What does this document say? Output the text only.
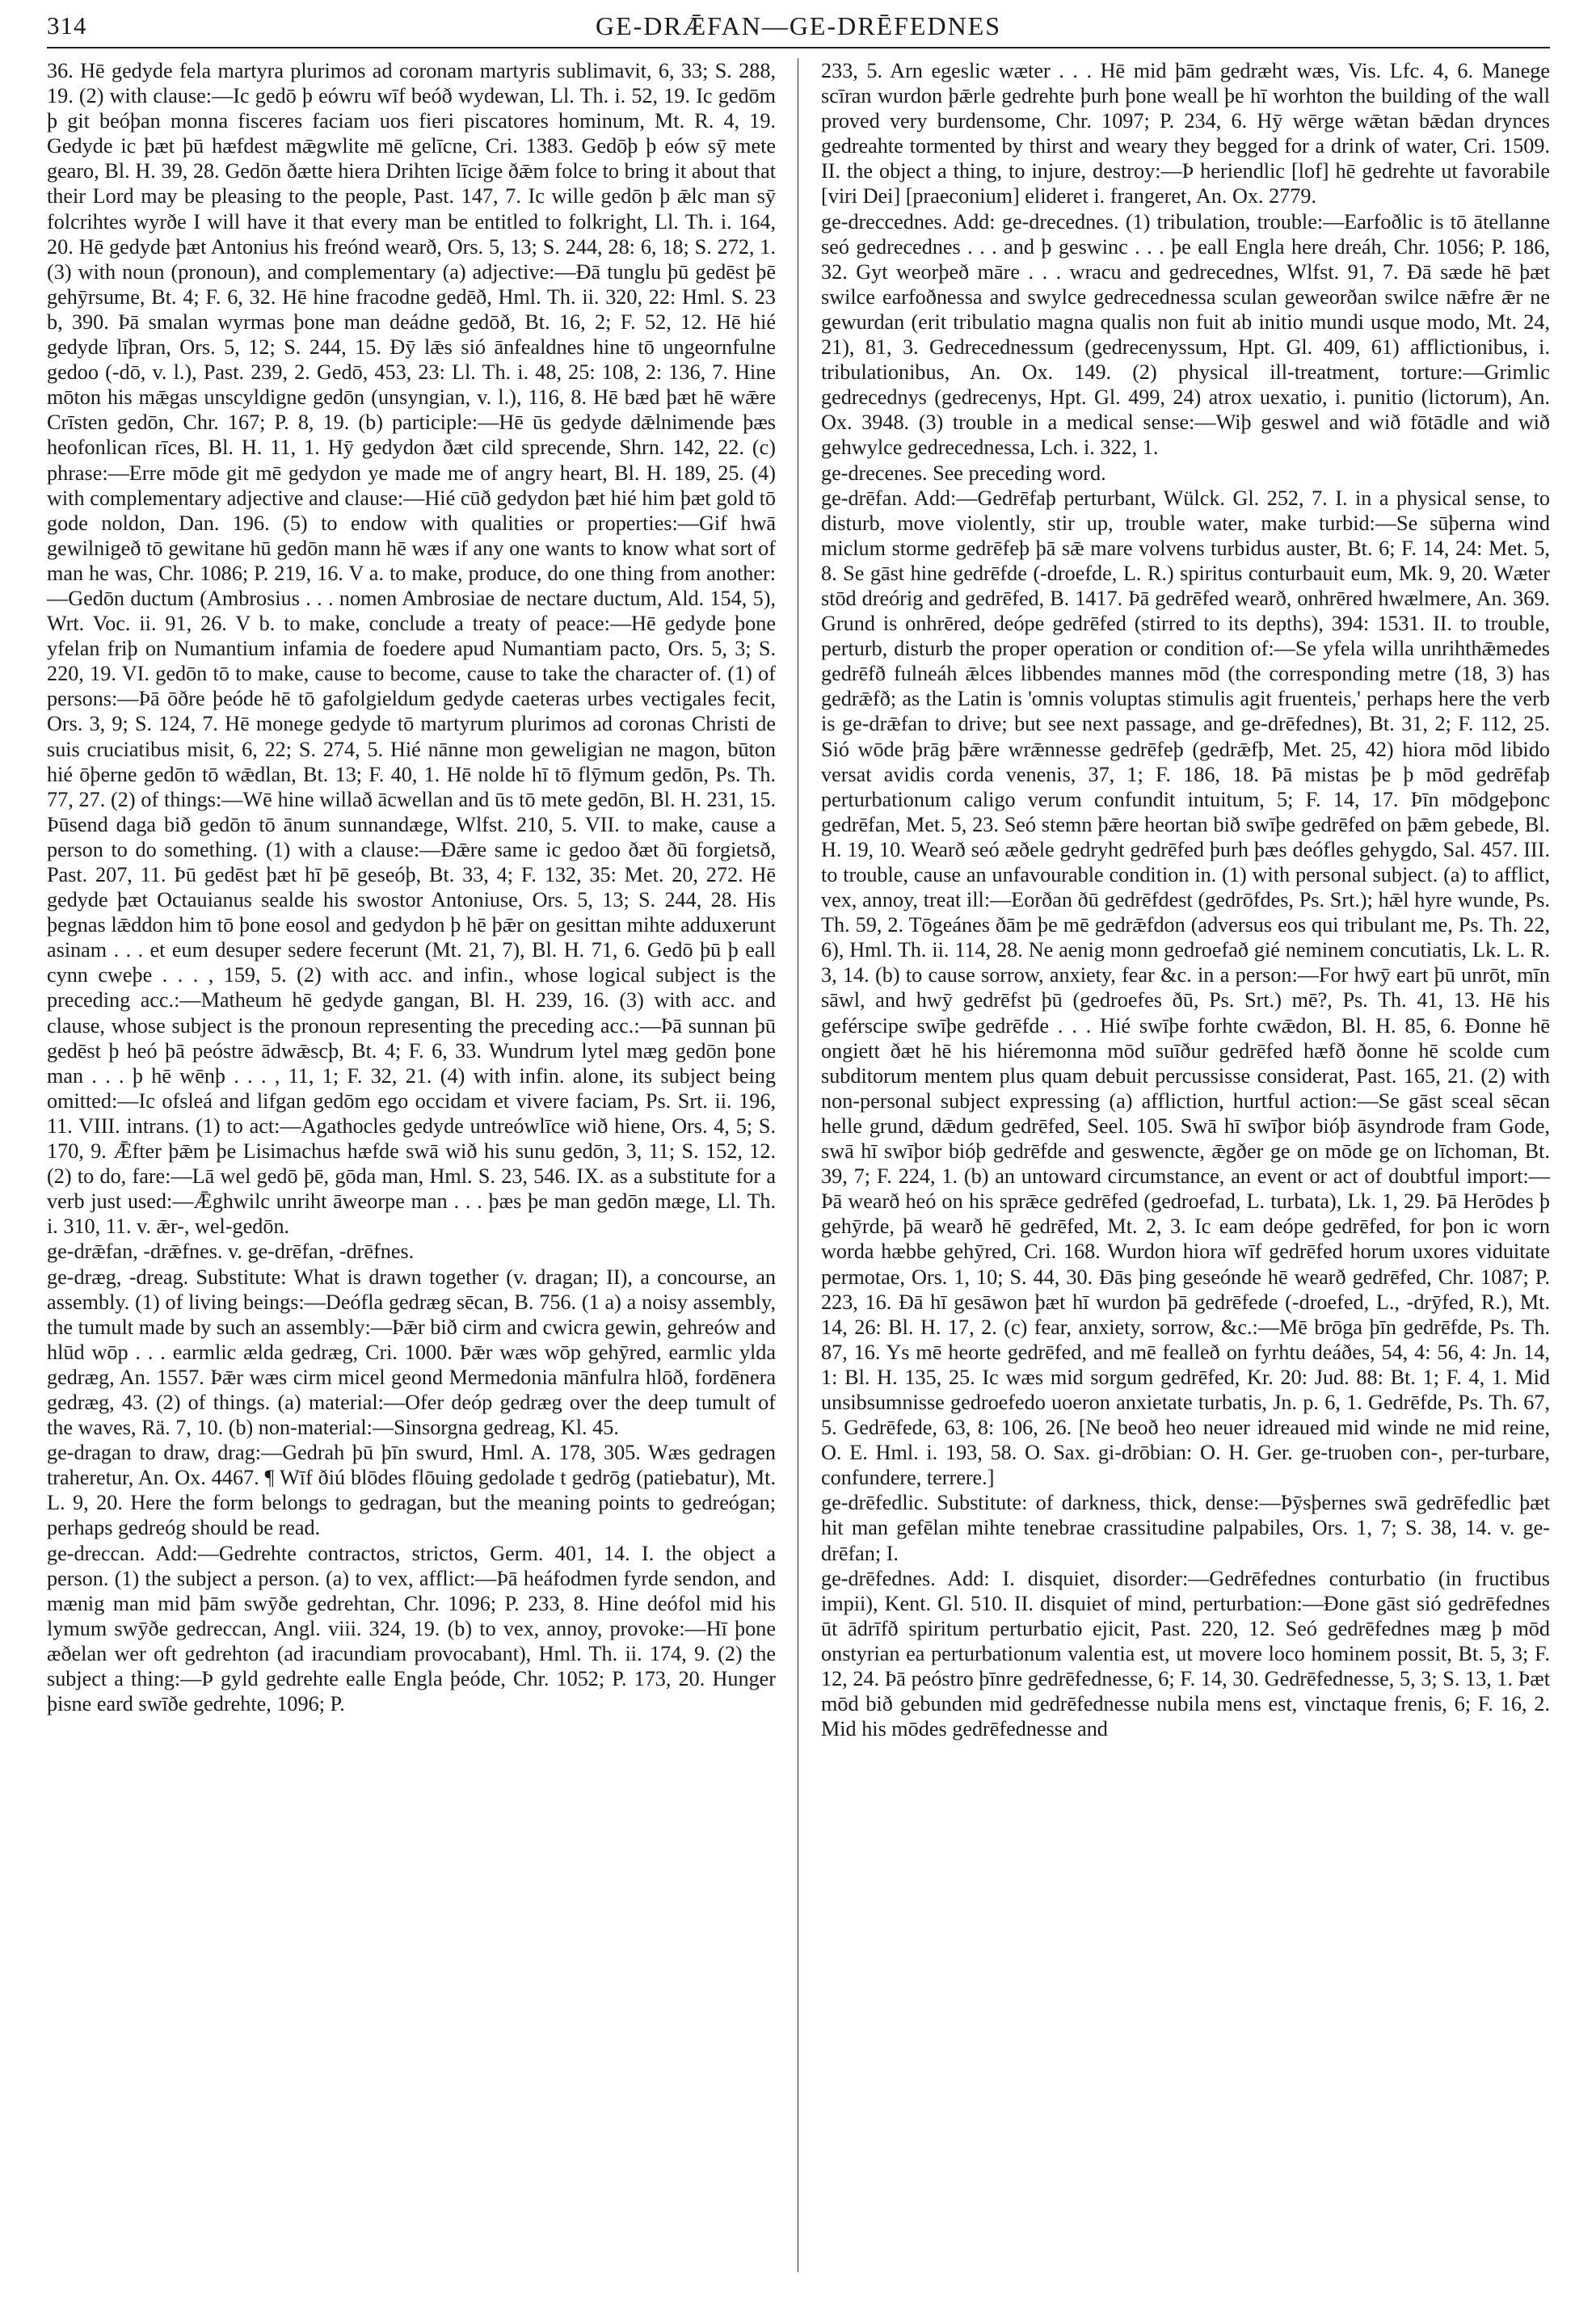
314	GE-DRǢFAN—GE-DRĒFEDNES

36. Hē gedyde fela martyra plurimos ad coronam martyris sublimavit, 6, 33; S. 288, 19. (2) with clause:—Ic gedō þ eówru wīf beóð wydewan, Ll. Th. i. 52, 19. Ic gedōm þ git beóþan monna fisceres faciam uos fieri piscatores hominum, Mt. R. 4, 19. Gedyde ic þæt þū hæfdest mǣgwlite mē gelīcne, Cri. 1383. Gedōþ þ eów sȳ mete gearo, Bl. H. 39, 28. Gedōn ðætte hiera Drihten līcige ðǣm folce to bring it about that their Lord may be pleasing to the people, Past. 147, 7. Ic wille gedōn þ ǣlc man sȳ folcrihtes wyrðe I will have it that every man be entitled to folkright, Ll. Th. i. 164, 20. Hē gedyde þæt Antonius his freónd wearð, Ors. 5, 13; S. 244, 28: 6, 18; S. 272, 1. (3) with noun (pronoun), and complementary (a) adjective:—Ðā tunglu þū gedēst þē gehȳrsume, Bt. 4; F. 6, 32. Hē hine fracodne gedēð, Hml. Th. ii. 320, 22: Hml. S. 23 b, 390. Þā smalan wyrmas þone man deádne gedōð, Bt. 16, 2; F. 52, 12. Hē hié gedyde līþran, Ors. 5, 12; S. 244, 15. Ðȳ lǣs sió ānfealdnes hine tō ungeornfulne gedoo (-dō, v. l.), Past. 239, 2. Gedō, 453, 23: Ll. Th. i. 48, 25: 108, 2: 136, 7. Hine mōton his mǣgas unscyldigne gedōn (unsyngian, v. l.), 116, 8. Hē bæd þæt hē wǣre Crīsten gedōn, Chr. 167; P. 8, 19. (b) participle:—Hē ūs gedyde dǣlnimende þæs heofonlican rīces, Bl. H. 11, 1. Hȳ gedydon ðæt cild sprecende, Shrn. 142, 22. (c) phrase:—Erre mōde git mē gedydon ye made me of angry heart, Bl. H. 189, 25. (4) with complementary adjective and clause:—Hié cūð gedydon þæt hié him þæt gold tō gode noldon, Dan. 196. (5) to endow with qualities or properties:—Gif hwā gewilnigeð tō gewitane hū gedōn mann hē wæs if any one wants to know what sort of man he was, Chr. 1086; P. 219, 16. V a. to make, produce, do one thing from another:—Gedōn ductum (Ambrosius . . . nomen Ambrosiae de nectare ductum, Ald. 154, 5), Wrt. Voc. ii. 91, 26. V b. to make, conclude a treaty of peace:—Hē gedyde þone yfelan friþ on Numantium infamia de foedere apud Numantiam pacto, Ors. 5, 3; S. 220, 19. VI. gedōn tō to make, cause to become, cause to take the character of. (1) of persons:—Þā ōðre þeóde hē tō gafolgieldum gedyde caeteras urbes vectigales fecit, Ors. 3, 9; S. 124, 7. Hē monege gedyde tō martyrum plurimos ad coronas Christi de suis cruciatibus misit, 6, 22; S. 274, 5. Hié nānne mon geweligian ne magon, būton hié ōþerne gedōn tō wǣdlan, Bt. 13; F. 40, 1. Hē nolde hī tō flȳmum gedōn, Ps. Th. 77, 27. (2) of things:—Wē hine willað ācwellan and ūs tō mete gedōn, Bl. H. 231, 15. Þūsend daga bið gedōn tō ānum sunnandæge, Wlfst. 210, 5. VII. to make, cause a person to do something. (1) with a clause:—Ðǣre same ic gedoo ðæt ðū forgietsð, Past. 207, 11. Þū gedēst þæt hī þē geseóþ, Bt. 33, 4; F. 132, 35: Met. 20, 272. Hē gedyde þæt Octauianus sealde his swostor Antoniuse, Ors. 5, 13; S. 244, 28. His þegnas lǣddon him tō þone eosol and gedydon þ hē þǣr on gesittan mihte adduxerunt asinam . . . et eum desuper sedere fecerunt (Mt. 21, 7), Bl. H. 71, 6. Gedō þū þ eall cynn cweþe . . . , 159, 5. (2) with acc. and infin., whose logical subject is the preceding acc.:—Matheum hē gedyde gangan, Bl. H. 239, 16. (3) with acc. and clause, whose subject is the pronoun representing the preceding acc.:—Þā sunnan þū gedēst þ heó þā peóstre ādwǣscþ, Bt. 4; F. 6, 33. Wundrum lytel mæg gedōn þone man . . . þ hē wēnþ . . . , 11, 1; F. 32, 21. (4) with infin. alone, its subject being omitted:—Ic ofsleá and lifgan gedōm ego occidam et vivere faciam, Ps. Srt. ii. 196, 11. VIII. intrans. (1) to act:—Agathocles gedyde untreówlīce wið hiene, Ors. 4, 5; S. 170, 9. Ǣfter þǣm þe Lisimachus hæfde swā wið his sunu gedōn, 3, 11; S. 152, 12. (2) to do, fare:—Lā wel gedō þē, gōda man, Hml. S. 23, 546. IX. as a substitute for a verb just used:—Ǣghwilc unriht āweorpe man . . . þæs þe man gedōn mæge, Ll. Th. i. 310, 11. v. ǣr-, wel-gedōn.

ge-drǣfan, -drǣfnes. v. ge-drēfan, -drēfnes.

ge-dræg, -dreag. Substitute: What is drawn together (v. dragan; II), a concourse, an assembly. (1) of living beings:—Deófla gedræg sēcan, B. 756. (1 a) a noisy assembly, the tumult made by such an assembly:—Þǣr bið cirm and cwicra gewin, gehreów and hlūd wōp . . . earmlic ælda gedræg, Cri. 1000. Þǣr wæs wōp gehȳred, earmlic ylda gedræg, An. 1557. Þǣr wæs cirm micel geond Mermedonia mānfulra hlōð, fordēnera gedræg, 43. (2) of things. (a) material:—Ofer deóp gedræg over the deep tumult of the waves, Rä. 7, 10. (b) non-material:—Sinsorgna gedreag, Kl. 45.

ge-dragan to draw, drag:—Gedrah þū þīn swurd, Hml. A. 178, 305. Wæs gedragen traheretur, An. Ox. 4467. ¶ Wīf ðiú blōdes flōuing gedolade t gedrōg (patiebatur), Mt. L. 9, 20. Here the form belongs to gedragan, but the meaning points to gedreógan; perhaps gedreóg should be read.

ge-dreccan. Add:—Gedrehte contractos, strictos, Germ. 401, 14. I. the object a person. (1) the subject a person. (a) to vex, afflict:—Þā heáfodmen fyrde sendon, and mænig man mid þām swȳðe gedrehtan, Chr. 1096; P. 233, 8. Hine deófol mid his lymum swȳðe gedreccan, Angl. viii. 324, 19. (b) to vex, annoy, provoke:—Hī þone æðelan wer oft gedrehton (ad iracundiam provocabant), Hml. Th. ii. 174, 9. (2) the subject a thing:—Þ gyld gedrehte ealle Engla þeóde, Chr. 1052; P. 173, 20. Hunger þisne eard swīðe gedrehte, 1096; P.

233, 5. Arn egeslic wæter . . . Hē mid þām gedræht wæs, Vis. Lfc. 4, 6. Manege scīran wurdon þǣrle gedrehte þurh þone weall þe hī worhton the building of the wall proved very burdensome, Chr. 1097; P. 234, 6. Hȳ wērge wǣtan bǣdan drynces gedreahte tormented by thirst and weary they begged for a drink of water, Cri. 1509. II. the object a thing, to injure, destroy:—Þ heriendlic [lof] hē gedrehte ut favorabile [viri Dei] [praeconium] elideret i. frangeret, An. Ox. 2779.

ge-dreccednes. Add: ge-drecednes. (1) tribulation, trouble:—Earfoðlic is tō ātellanne seó gedrecednes . . . and þ geswinc . . . þe eall Engla here dreáh, Chr. 1056; P. 186, 32. Gyt weorþeð māre . . . wracu and gedrecednes, Wlfst. 91, 7. Ðā sæde hē þæt swilce earfoðnessa and swylce gedrecednessa sculan geweorðan swilce nǣfre ǣr ne gewurdan (erit tribulatio magna qualis non fuit ab initio mundi usque modo, Mt. 24, 21), 81, 3. Gedrecednessum (gedrecenyssum, Hpt. Gl. 409, 61) afflictionibus, i. tribulationibus, An. Ox. 149. (2) physical ill-treatment, torture:—Grimlic gedrecednys (gedrecenys, Hpt. Gl. 499, 24) atrox uexatio, i. punitio (lictorum), An. Ox. 3948. (3) trouble in a medical sense:—Wiþ geswel and wið fōtādle and wið gehwylce gedrecednessa, Lch. i. 322, 1.

ge-drecenes. See preceding word.

ge-drēfan. Add:—Gedrēfaþ perturbant, Wülck. Gl. 252, 7. I. in a physical sense, to disturb, move violently, stir up, trouble water, make turbid:—Se sūþerna wind miclum storme gedrēfeþ þā sǣ mare volvens turbidus auster, Bt. 6; F. 14, 24: Met. 5, 8. Se gāst hine gedrēfde (-droefde, L. R.) spiritus conturbauit eum, Mk. 9, 20. Wæter stōd dreórig and gedrēfed, B. 1417. Þā gedrēfed wearð, onhrēred hwælmere, An. 369. Grund is onhrēred, deópe gedrēfed (stirred to its depths), 394: 1531. II. to trouble, perturb, disturb the proper operation or condition of:—Se yfela willa unrihthǣmedes gedrēfð fulneáh ǣlces libbendes mannes mōd (the corresponding metre (18, 3) has gedrǣfð; as the Latin is 'omnis voluptas stimulis agit fruenteis,' perhaps here the verb is ge-drǣfan to drive; but see next passage, and ge-drēfednes), Bt. 31, 2; F. 112, 25. Sió wōde þrāg þǣre wrǣnnesse gedrēfeþ (gedrǣfþ, Met. 25, 42) hiora mōd libido versat avidis corda venenis, 37, 1; F. 186, 18. Þā mistas þe þ mōd gedrēfaþ perturbationum caligo verum confundit intuitum, 5; F. 14, 17. Þīn mōdgeþonc gedrēfan, Met. 5, 23. Seó stemn þǣre heortan bið swīþe gedrēfed on þǣm gebede, Bl. H. 19, 10. Wearð seó æðele gedryht gedrēfed þurh þæs deófles gehygdo, Sal. 457. III. to trouble, cause an unfavourable condition in. (1) with personal subject. (a) to afflict, vex, annoy, treat ill:—Eorðan ðū gedrēfdest (gedrōfdes, Ps. Srt.); hǣl hyre wunde, Ps. Th. 59, 2. Tōgeánes ðām þe mē gedrǣfdon (adversus eos qui tribulant me, Ps. Th. 22, 6), Hml. Th. ii. 114, 28. Ne aenig monn gedroefað gié neminem concutiatis, Lk. L. R. 3, 14. (b) to cause sorrow, anxiety, fear &c. in a person:—For hwȳ eart þū unrōt, mīn sāwl, and hwȳ gedrēfst þū (gedroefes ðū, Ps. Srt.) mē?, Ps. Th. 41, 13. Hē his geférscipe swīþe gedrēfde . . . Hié swīþe forhte cwǣdon, Bl. H. 85, 6. Ðonne hē ongiett ðæt hē his hiéremonna mōd suīður gedrēfed hæfð ðonne hē scolde cum subditorum mentem plus quam debuit percussisse considerat, Past. 165, 21. (2) with non-personal subject expressing (a) affliction, hurtful action:—Se gāst sceal sēcan helle grund, dǣdum gedrēfed, Seel. 105. Swā hī swīþor bióþ āsyndrode fram Gode, swā hī swīþor bióþ gedrēfde and geswencte, ǣgðer ge on mōde ge on līchoman, Bt. 39, 7; F. 224, 1. (b) an untoward circumstance, an event or act of doubtful import:—Þā wearð heó on his sprǣce gedrēfed (gedroefad, L. turbata), Lk. 1, 29. Þā Herōdes þ gehȳrde, þā wearð hē gedrēfed, Mt. 2, 3. Ic eam deópe gedrēfed, for þon ic worn worda hæbbe gehȳred, Cri. 168. Wurdon hiora wīf gedrēfed horum uxores viduitate permotae, Ors. 1, 10; S. 44, 30. Ðās þing geseónde hē wearð gedrēfed, Chr. 1087; P. 223, 16. Ðā hī gesāwon þæt hī wurdon þā gedrēfede (-droefed, L., -drȳfed, R.), Mt. 14, 26: Bl. H. 17, 2. (c) fear, anxiety, sorrow, &c.:—Mē brōga þīn gedrēfde, Ps. Th. 87, 16. Ys mē heorte gedrēfed, and mē fealleð on fyrhtu deáðes, 54, 4: 56, 4: Jn. 14, 1: Bl. H. 135, 25. Ic wæs mid sorgum gedrēfed, Kr. 20: Jud. 88: Bt. 1; F. 4, 1. Mid unsibsumnisse gedroefedo uoeron anxietate turbatis, Jn. p. 6, 1. Gedrēfde, Ps. Th. 67, 5. Gedrēfede, 63, 8: 106, 26. [Ne beoð heo neuer idreaued mid winde ne mid reine, O. E. Hml. i. 193, 58. O. Sax. gi-drōbian: O. H. Ger. ge-truoben con-, per-turbare, confundere, terrere.]

ge-drēfedlic. Substitute: of darkness, thick, dense:—Þȳsþernes swā gedrēfedlic þæt hit man gefēlan mihte tenebrae crassitudine palpabiles, Ors. 1, 7; S. 38, 14. v. ge-drēfan; I.

ge-drēfednes. Add: I. disquiet, disorder:—Gedrēfednes conturbatio (in fructibus impii), Kent. Gl. 510. II. disquiet of mind, perturbation:—Ðone gāst sió gedrēfednes ūt ādrīfð spiritum perturbatio ejicit, Past. 220, 12. Seó gedrēfednes mæg þ mōd onstyrian ea perturbationum valentia est, ut movere loco hominem possit, Bt. 5, 3; F. 12, 24. Þā peóstro þīnre gedrēfednesse, 6; F. 14, 30. Gedrēfednesse, 5, 3; S. 13, 1. Þæt mōd bið gebunden mid gedrēfednesse nubila mens est, vinctaque frenis, 6; F. 16, 2. Mid his mōdes gedrēfednesse and
